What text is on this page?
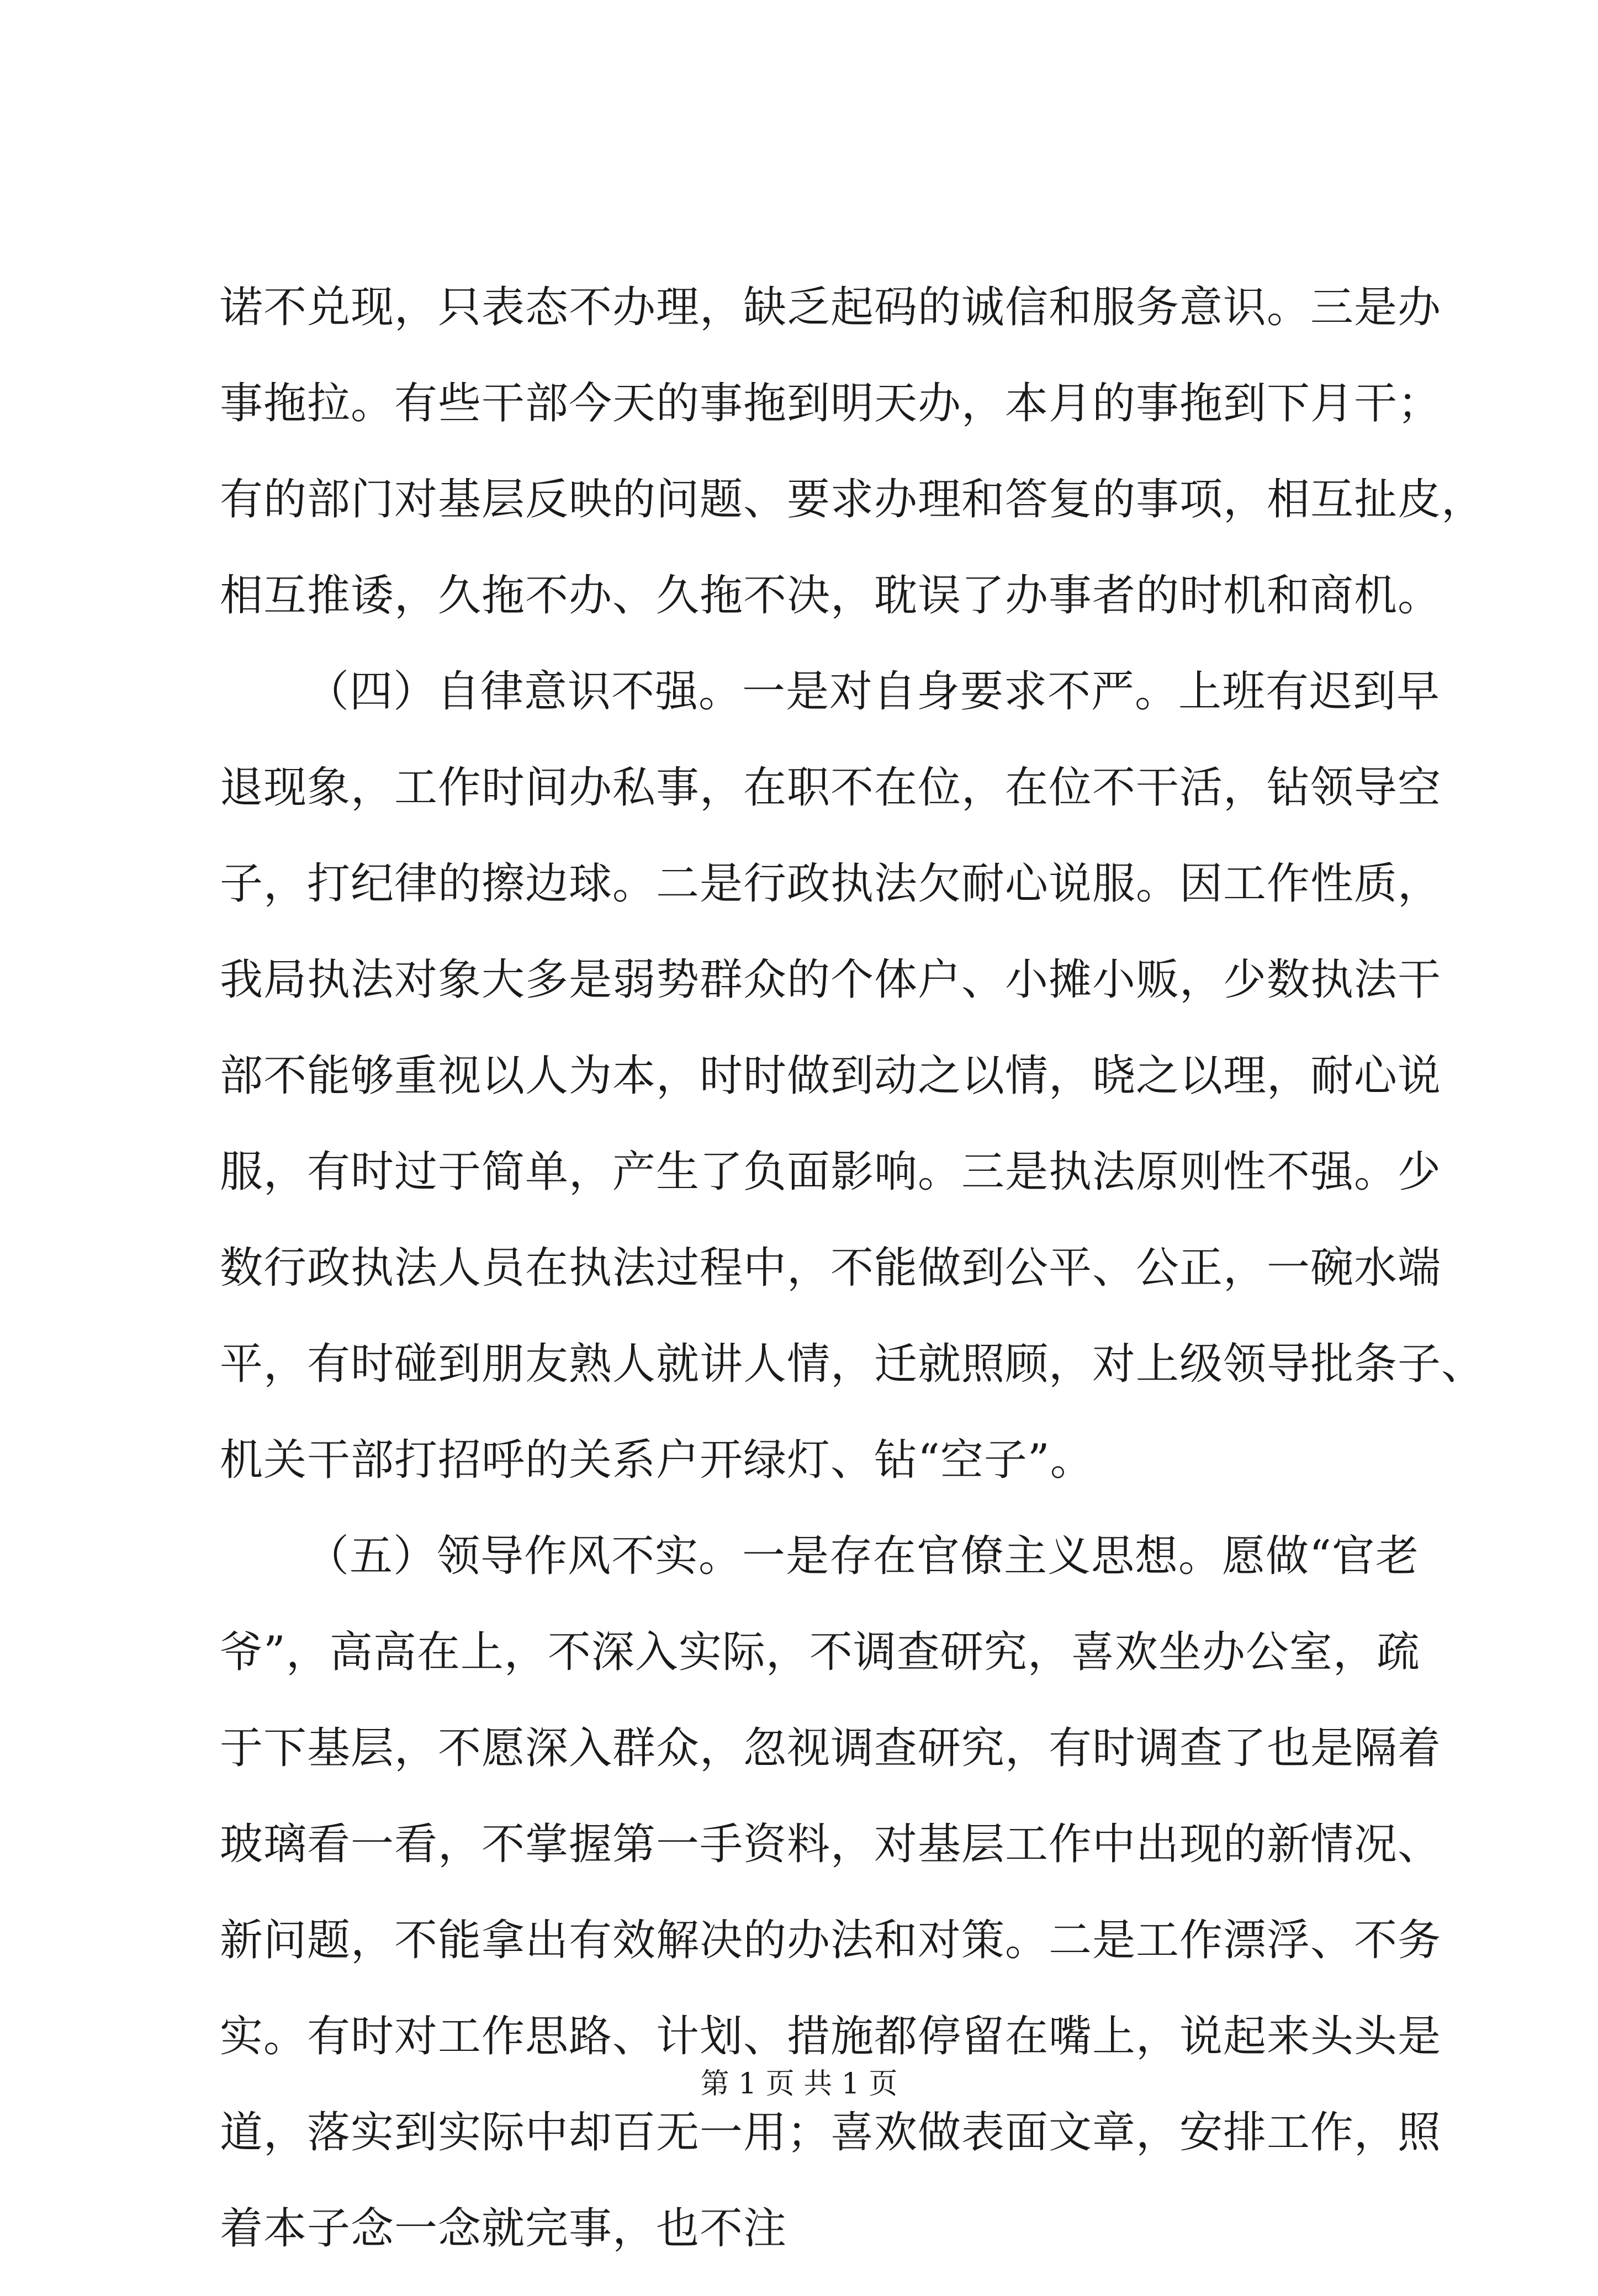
诺不兑现，只表态不办理，缺乏起码的诚信和服务意识。三是办
事拖拉。有些干部今天的事拖到明天办，本月的事拖到下月干；
有的部门对基层反映的问题、要求办理和答复的事项，相互扯皮，
相互推诿，久拖不办、久拖不决，耽误了办事者的时机和商机。
（四）自律意识不强。一是对自身要求不严。上班有迟到早
退现象，工作时间办私事，在职不在位，在位不干活，钻领导空
子，打纪律的擦边球。二是行政执法欠耐心说服。因工作性质，
我局执法对象大多是弱势群众的个体户、小摊小贩，少数执法干
部不能够重视以人为本，时时做到动之以情，晓之以理，耐心说
服，有时过于简单，产生了负面影响。三是执法原则性不强。少
数行政执法人员在执法过程中，不能做到公平、公正，一碗水端
平，有时碰到朋友熟人就讲人情，迁就照顾，对上级领导批条子、
机关干部打招呼的关系户开绿灯、钻“空子”。
（五）领导作风不实。一是存在官僚主义思想。愿做“官老
爷”，高高在上，不深入实际，不调查研究，喜欢坐办公室，疏
于下基层，不愿深入群众，忽视调查研究，有时调查了也是隔着
玻璃看一看，不掌握第一手资料，对基层工作中出现的新情况、
新问题，不能拿出有效解决的办法和对策。二是工作漂浮、不务
实。有时对工作思路、计划、措施都停留在嘴上，说起来头头是
道，落实到实际中却百无一用；喜欢做表面文章，安排工作，照
着本子念一念就完事，也不注
第 1 页 共 1 页
